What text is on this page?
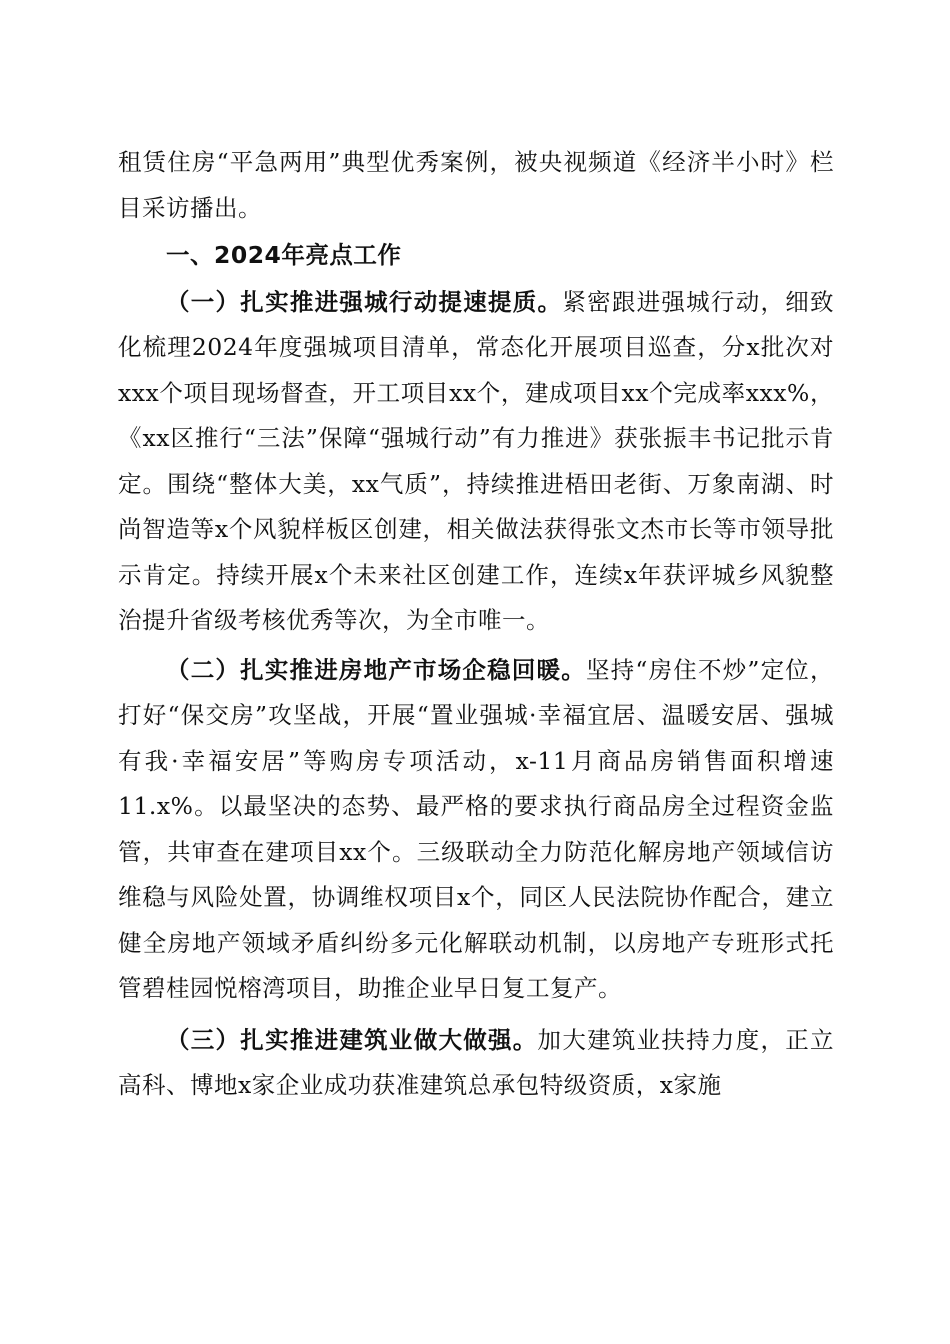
租赁住房“平急两用”典型优秀案例，被央视频道《经济半小时》栏目采访播出。

一、2024年亮点工作

（一）扎实推进强城行动提速提质。紧密跟进强城行动，细致化梳理2024年度强城项目清单，常态化开展项目巡查，分x批次对xxx个项目现场督查，开工项目xx个，建成项目xx个完成率xxx%，《xx区推行“三法”保障“强城行动”有力推进》获张振丰书记批示肯定。围绕“整体大美，xx气质”，持续推进梧田老街、万象南湖、时尚智造等x个风貌样板区创建，相关做法获得张文杰市长等市领导批示肯定。持续开展x个未来社区创建工作，连续x年获评城乡风貌整治提升省级考核优秀等次，为全市唯一。

（二）扎实推进房地产市场企稳回暖。坚持“房住不炒”定位，打好“保交房”攻坚战，开展“置业强城·幸福宜居、温暖安居、强城有我·幸福安居”等购房专项活动，x-11月商品房销售面积增速11.x%。以最坚决的态势、最严格的要求执行商品房全过程资金监管，共审查在建项目xx个。三级联动全力防范化解房地产领域信访维稳与风险处置，协调维权项目x个，同区人民法院协作配合，建立健全房地产领域矛盾纠纷多元化解联动机制，以房地产专班形式托管碧桂园悦榕湾项目，助推企业早日复工复产。

（三）扎实推进建筑业做大做强。加大建筑业扶持力度，正立高科、博地x家企业成功获准建筑总承包特级资质，x家施
